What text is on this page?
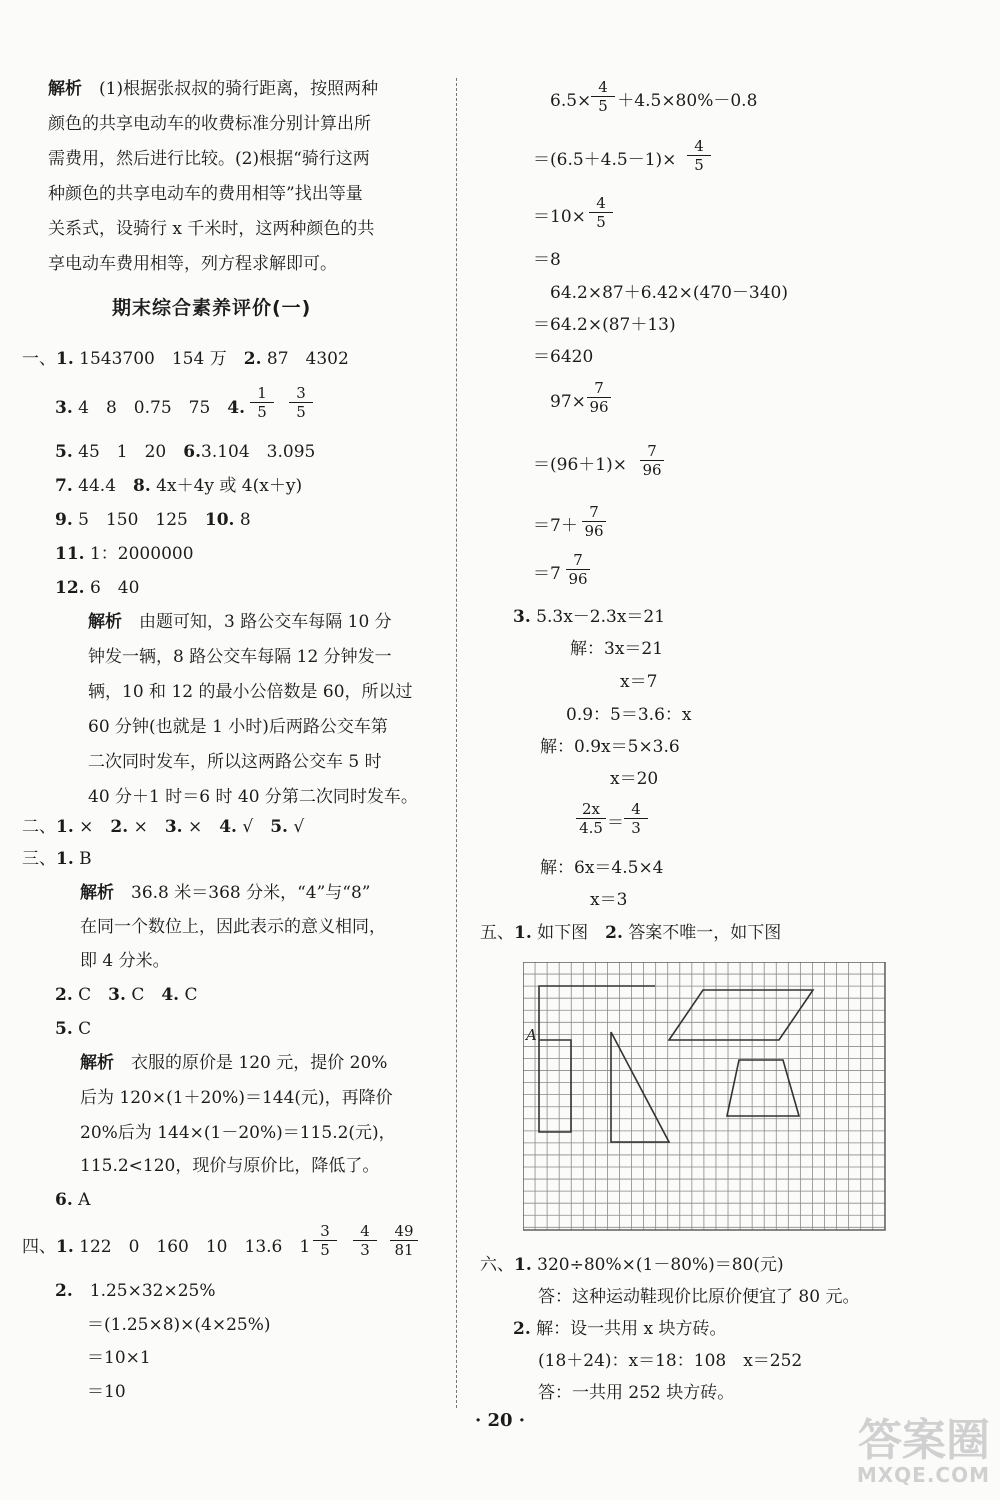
解析　 (1)根据张叔叔的骑行距离，按照两种
颜色的共享电动车的收费标准分别计算出所
需费用，然后进行比较。(2)根据“骑行这两
种颜色的共享电动车的费用相等”找出等量
关系式，设骑行 x 千米时，这两种颜色的共
享电动车费用相等，列方程求解即可。
期末综合素养评价(一)
一、1. 1543700　154 万　2. 87　4302
3. 4　8　0.75　75　4. $\frac{1}{5} \frac{3}{5}$
5. 45　1　20　6.3.104　3.095
7. 44.4　8. 4x＋4y 或 4(x＋y)
9. 5　150　125　10. 8
11. 1：2000000
12. 6　40
解析　 由题可知，3 路公交车每隔 10 分
钟发一辆，8 路公交车每隔 12 分钟发一
辆，10 和 12 的最小公倍数是 60，所以过
60 分钟(也就是 1 小时)后两路公交车第
二次同时发车，所以这两路公交车 5 时
40 分＋1 时＝6 时 40 分第二次同时发车。
二、1. ×　 2. ×　 3. ×　 4. √　 5. √
三、1. B
解析　 36.8 米＝368 分米，“4”与“8”
在同一个数位上，因此表示的意义相同，
即 4 分米。
2. C　 3. C　 4. C
5. C
解析　 衣服的原价是 120 元，提价 20%
后为 120×(1＋20%)＝144(元)，再降价
20%后为 144×(1－20%)＝115.2(元)，
115.2<120，现价与原价比，降低了。
6. A
四、1. 122　0　160　10　13.6　$1 \frac{3}{5} \frac{4}{3} \frac{49}{81}$
2.　 1.25×32×25%
＝(1.25×8)×(4×25%)
＝10×1
＝10
6.5× ＋4.5×80%－0.8
$\frac{4}{5}$
$=(6.5+4.5-1)\times \frac{4}{5}$
$=10\times \frac{4}{5}$
＝8
64.2×87＋6.42×(470－340)
＝64.2×(87＋13)
＝6420
$97\times \frac{7}{96}$
$=(96+1)\times \frac{7}{96}$
$=7+ \frac{7}{96}$
$=7 \frac{7}{96}$
3. 5.3x－2.3x＝21
解：3x＝21
x＝7
0.9：5＝3.6：x
解：0.9x＝5×3.6
x＝20
$\frac{2x}{4.5} = \frac{4}{3}$
解：6x＝4.5×4
x＝3
五、1. 如下图　2. 答案不唯一，如下图
六、1. 320÷80%×(1－80%)＝80(元)
答：这种运动鞋现价比原价便宜了 80 元。
2. 解：设一共用 x 块方砖。
(18＋24)：x＝18：108　x＝252
答：一共用 252 块方砖。
A
· 20 ·	答案圈
MXQE.COM
